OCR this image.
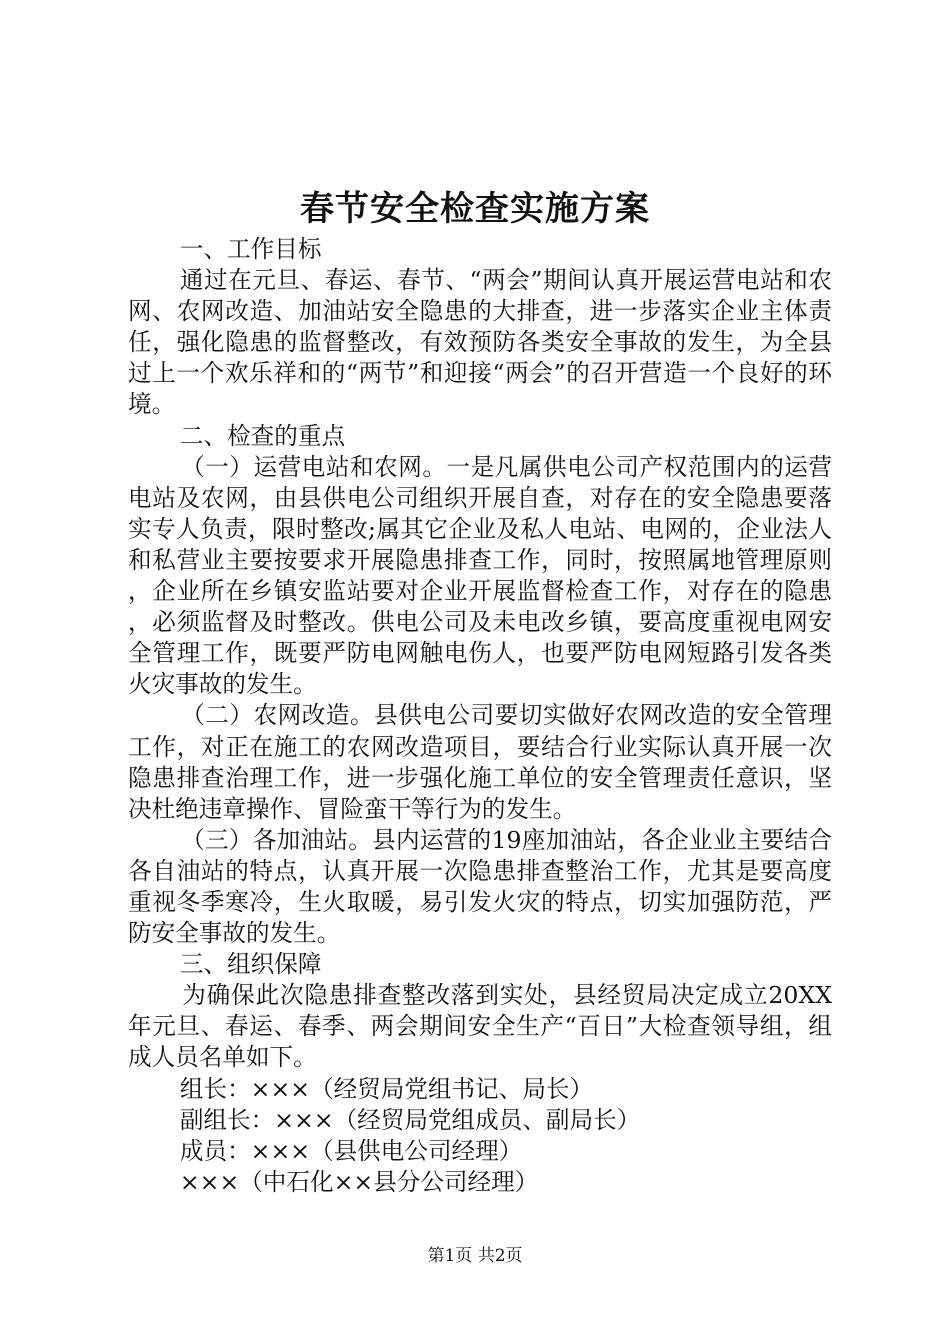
春节安全检查实施方案

一、工作目标

通过在元旦、春运、春节、“两会”期间认真开展运营电站和农网、农网改造、加油站安全隐患的大排查，进一步落实企业主体责任，强化隐患的监督整改，有效预防各类安全事故的发生，为全县过上一个欢乐祥和的“两节”和迎接“两会”的召开营造一个良好的环境。

二、检查的重点

（一）运营电站和农网。一是凡属供电公司产权范围内的运营电站及农网，由县供电公司组织开展自查，对存在的安全隐患要落实专人负责，限时整改;属其它企业及私人电站、电网的，企业法人和私营业主要按要求开展隐患排查工作，同时，按照属地管理原则，企业所在乡镇安监站要对企业开展监督检查工作，对存在的隐患，必须监督及时整改。供电公司及未电改乡镇，要高度重视电网安全管理工作，既要严防电网触电伤人，也要严防电网短路引发各类火灾事故的发生。

（二）农网改造。县供电公司要切实做好农网改造的安全管理工作，对正在施工的农网改造项目，要结合行业实际认真开展一次隐患排查治理工作，进一步强化施工单位的安全管理责任意识，坚决杜绝违章操作、冒险蛮干等行为的发生。

（三）各加油站。县内运营的19座加油站，各企业业主要结合各自油站的特点，认真开展一次隐患排查整治工作，尤其是要高度重视冬季寒冷，生火取暖，易引发火灾的特点，切实加强防范，严防安全事故的发生。

三、组织保障

为确保此次隐患排查整改落到实处，县经贸局决定成立20XX年元旦、春运、春季、两会期间安全生产“百日”大检查领导组，组成人员名单如下。

组长：×××（经贸局党组书记、局长）

副组长：×××（经贸局党组成员、副局长）

成员：×××（县供电公司经理）

×××（中石化××县分公司经理）

第1页 共2页
